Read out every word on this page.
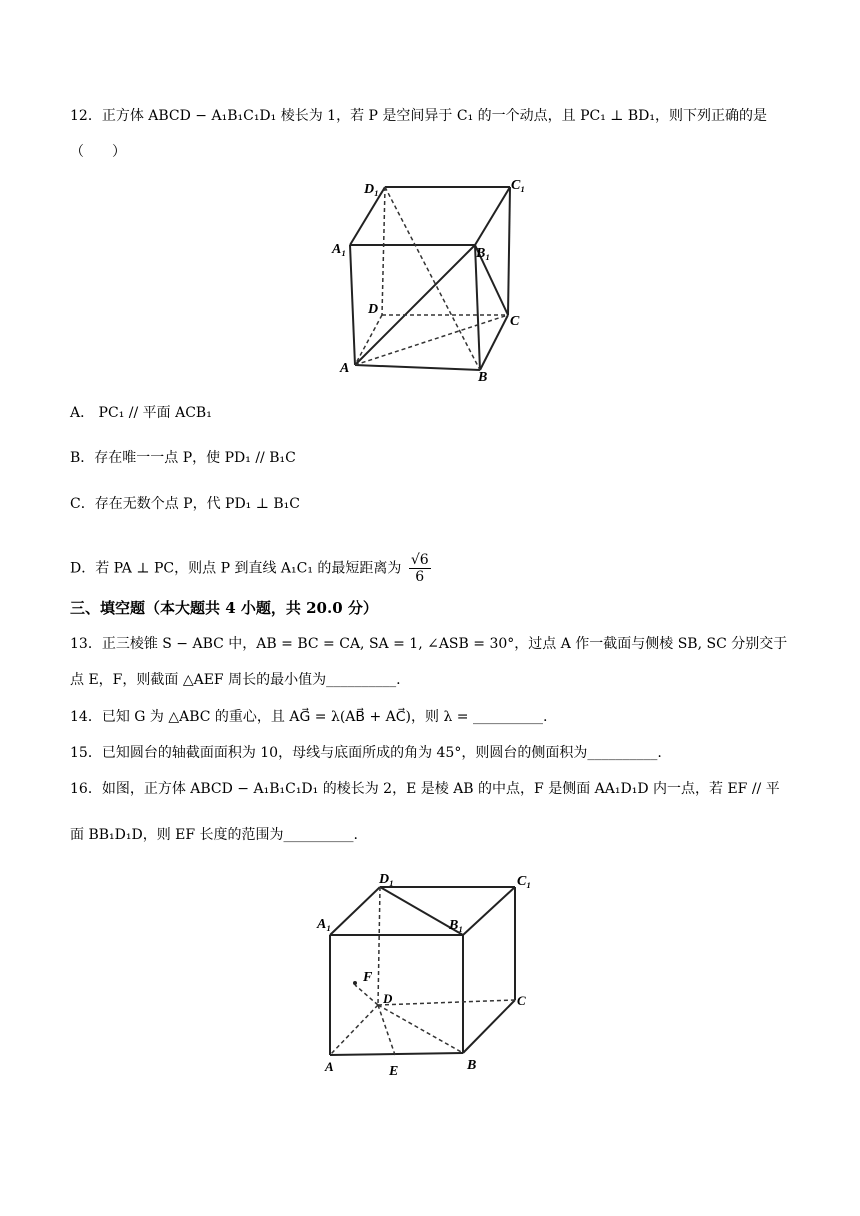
12．正方体 ABCD − A₁B₁C₁D₁ 棱长为 1，若 P 是空间异于 C₁ 的一个动点，且 PC₁ ⊥ BD₁，则下列正确的是
（　　）
D₁	C₁
A₁	B₁
D
C
A
B
A． PC₁ // 平面 ACB₁
B．存在唯一一点 P，使 PD₁ // B₁C
C．存在无数个点 P，代 PD₁ ⊥ B₁C
D．若 PA ⊥ PC，则点 P 到直线 A₁C₁ 的最短距离为 $\frac{√6}{6}$
三、填空题（本大题共 4 小题，共 20.0 分）
13．正三棱锥 S − ABC 中，AB = BC = CA, SA = 1, ∠ASB = 30°，过点 A 作一截面与侧棱 SB, SC 分别交于
点 E，F，则截面 △AEF 周长的最小值为__________.
14．已知 G 为 △ABC 的重心，且 AG⃗ = λ(AB⃗ + AC⃗)，则 λ = __________.
15．已知圆台的轴截面面积为 10，母线与底面所成的角为 45°，则圆台的侧面积为__________.
16．如图，正方体 ABCD − A₁B₁C₁D₁ 的棱长为 2，E 是棱 AB 的中点，F 是侧面 AA₁D₁D 内一点，若 EF // 平
面 BB₁D₁D，则 EF 长度的范围为__________.
D₁	C₁
A₁	B₁
F
D	C
A	E	B
